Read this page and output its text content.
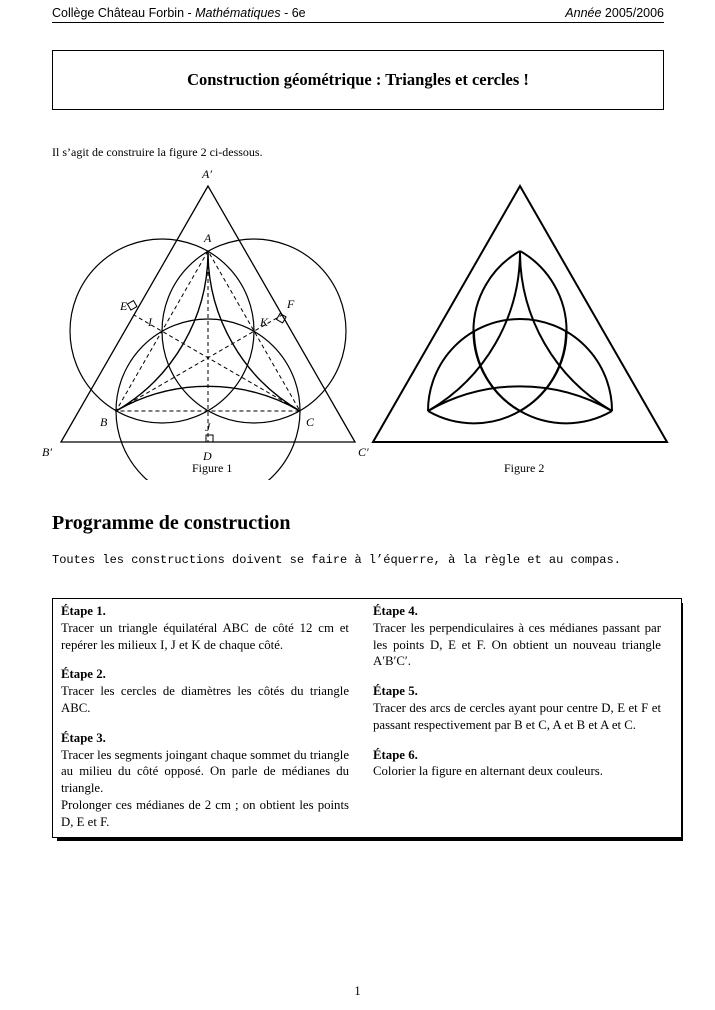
Collège Château Forbin - Mathématiques - 6e	Année 2005/2006
Construction géométrique : Triangles et cercles !
Il s’agit de construire la figure 2 ci-dessous.
A′
B′	C′
A
B	C
D
E	F
I
J
K
Figure 1	Figure 2
Programme de construction
Toutes les constructions doivent se faire à l’équerre, à la règle et au compas.
Étape 1.
Tracer un triangle équilatéral ABC de côté 12 cm et repérer les milieux I, J et K de chaque côté.
Étape 2.
Tracer les cercles de diamètres les côtés du triangle ABC.
Étape 3.
Tracer les segments joingant chaque sommet du triangle au milieu du côté opposé. On parle de médianes du triangle.
Prolonger ces médianes de 2 cm ; on obtient les points D, E et F.
Étape 4.
Tracer les perpendiculaires à ces médianes passant par les points D, E et F. On obtient un nouveau triangle A′B′C′.
Étape 5.
Tracer des arcs de cercles ayant pour centre D, E et F et passant respectivement par B et C, A et B et A et C.
Étape 6.
Colorier la figure en alternant deux couleurs.
1
